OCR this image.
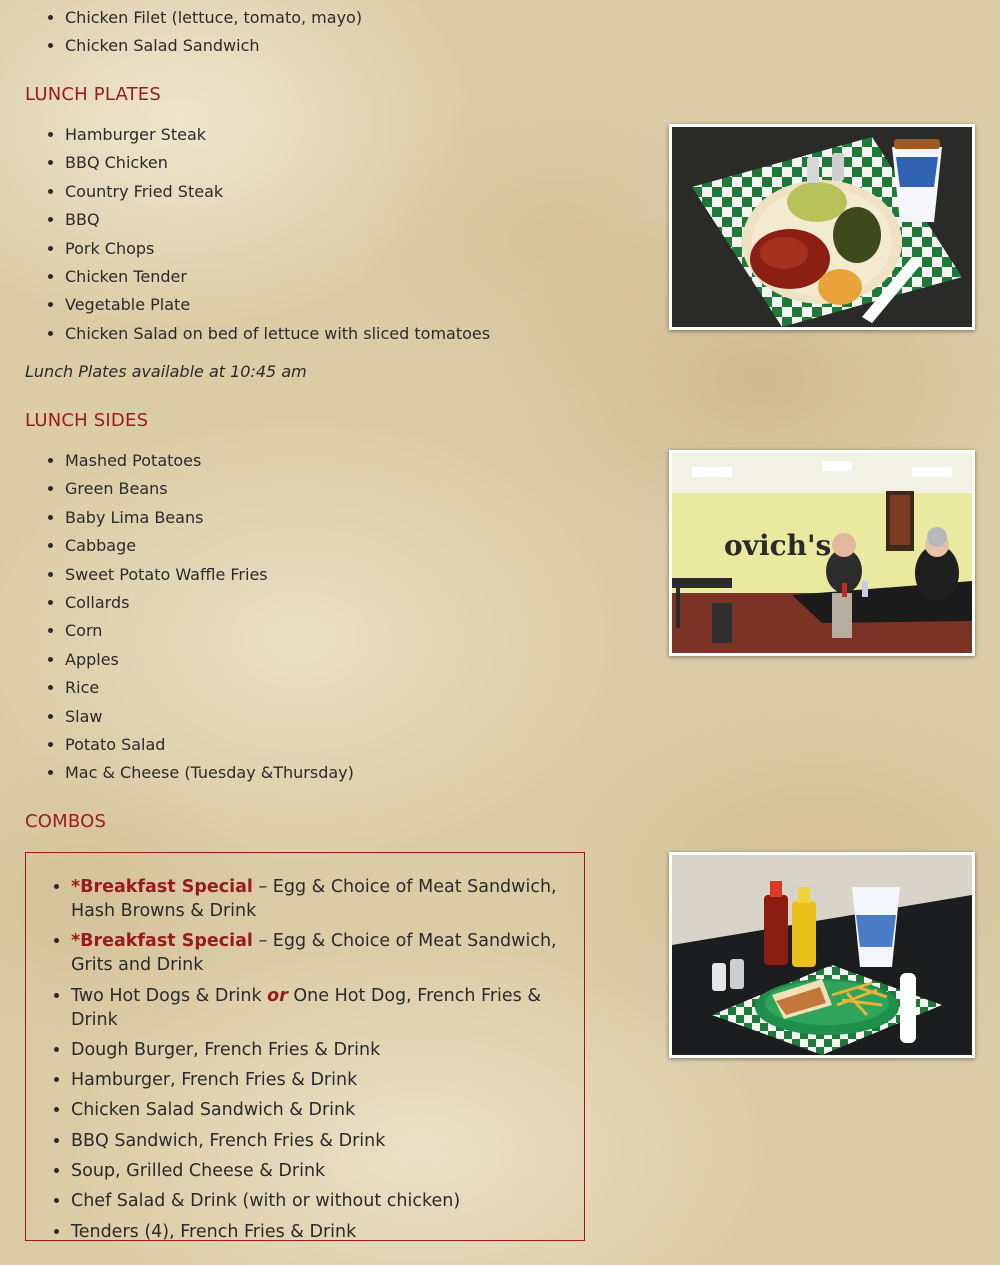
• Chicken Filet (lettuce, tomato, mayo)
• Chicken Salad Sandwich
LUNCH PLATES
• Hamburger Steak
• BBQ Chicken
• Country Fried Steak
• BBQ
• Pork Chops
• Chicken Tender
• Vegetable Plate
• Chicken Salad on bed of lettuce with sliced tomatoes

Lunch Plates available at 10:45 am

LUNCH SIDES
• Mashed Potatoes
• Green Beans
• Baby Lima Beans
• Cabbage
• Sweet Potato Waffle Fries
• Collards
• Corn
• Apples
• Rice
• Slaw
• Potato Salad
• Mac & Cheese (Tuesday &Thursday)
ovich's
COMBOS
• *Breakfast Special – Egg & Choice of Meat Sandwich, Hash Browns & Drink
• *Breakfast Special – Egg & Choice of Meat Sandwich, Grits and Drink
• Two Hot Dogs & Drink or One Hot Dog, French Fries & Drink
• Dough Burger, French Fries & Drink
• Hamburger, French Fries & Drink
• Chicken Salad Sandwich & Drink
• BBQ Sandwich, French Fries & Drink
• Soup, Grilled Cheese & Drink
• Chef Salad & Drink (with or without chicken)
• Tenders (4), French Fries & Drink
